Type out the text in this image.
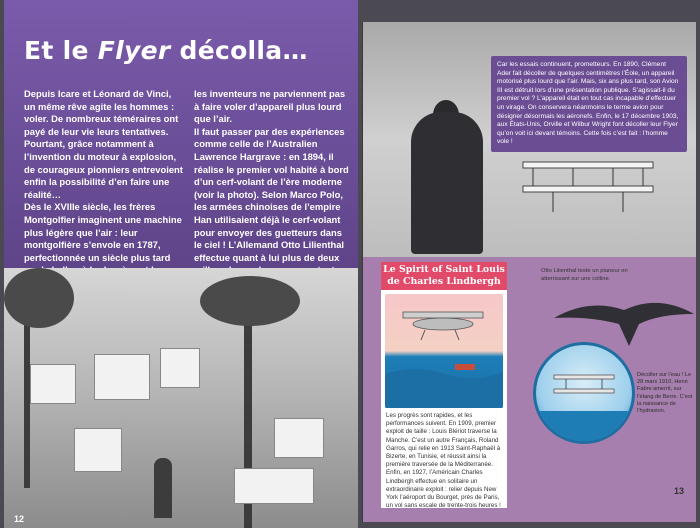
Et le Flyer décolla…

Depuis Icare et Léonard de Vinci, un même rêve agite les hommes : voler. De nombreux téméraires ont payé de leur vie leurs tentatives. Pourtant, grâce notamment à l’invention du moteur à explosion, de courageux pionniers entrevoient enfin la possibilité d’en faire une réalité…

Dès le XVIIIe siècle, les frères Montgolfier imaginent une machine plus légère que l’air : leur montgolfière s’envole en 1787, perfectionnée un siècle plus tard

les inventeurs ne parviennent pas à faire voler d’appareil plus lourd que l’air.

Il faut passer par des expériences comme celle de l’Australien Lawrence Hargrave : en 1894, il réalise le premier vol habité à bord d’un cerf-volant de l’ère moderne (voir la photo). Selon Marco Polo, les armées chinoises de l’empire Han utilisaient déjà le cerf-volant pour envoyer des guetteurs dans le ciel ! L’Allemand Otto Lilienthal effectue quant à lui plus de deux

12
Car les essais continuent, prometteurs. En 1890, Clément Ader fait décoller de quelques centimètres l’Éole, un appareil motorisé plus lourd que l’air. Mais, six ans plus tard, son Avion III est détruit lors d’une présentation publique. S’agissait-il du premier vol ? L’appareil était en tout cas incapable d’effectuer un virage. On conserverа néanmoins le terme avion pour désigner désormais les aéronefs. Enfin, le 17 décembre 1903, aux États-Unis, Orville et Wilbur Wright font décoller leur Flyer qu’on voit ici devant témoins. Cette fois c’est fait : l’homme vole !
Le Spirit of Saint Louis
de Charles Lindbergh
Les progrès sont rapides, et les performances suivent. En 1909, premier exploit de taille : Louis Blériot traverse la Manche. C’est un autre Français, Roland Garros, qui relie en 1913 Saint-Raphaël à Bizerte, en Tunisie, et réussit ainsi la première traversée de la Méditerranée. Enfin, en 1927, l’Américain Charles Lindbergh effectue en solitaire un extraordinaire exploit : relier depuis New York l’aéroport du Bourget, près de Paris, un vol sans escale de trente-trois heures !
Otto Lilienthal teste un planeur en atterrissant sur une colline.
Décoller sur l’eau ! Le 28 mars 1910, Henri Fabre amerrit, sur l’étang de Berre. C’est la naissance de l’hydravion.
13
